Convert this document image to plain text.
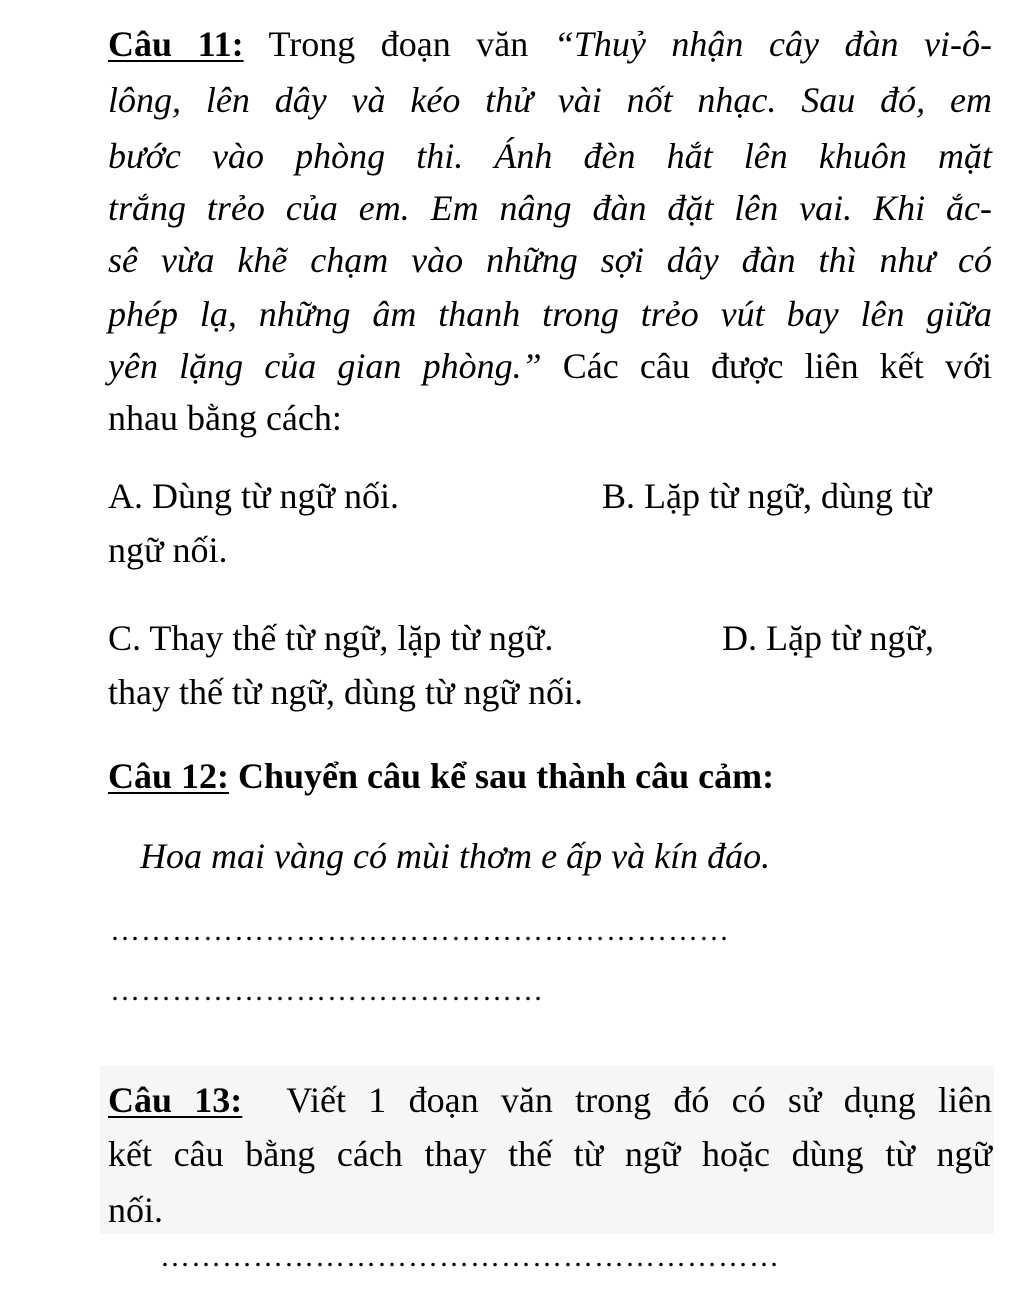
Câu 11: Trong đoạn văn “Thuỷ nhận cây đàn vi-ô-
lông, lên dây và kéo thử vài nốt nhạc. Sau đó, em
bước vào phòng thi. Ánh đèn hắt lên khuôn mặt
trắng trẻo của em. Em nâng đàn đặt lên vai. Khi ắc-
sê vừa khẽ chạm vào những sợi dây đàn thì như có
phép lạ, những âm thanh trong trẻo vút bay lên giữa
yên lặng của gian phòng.” Các câu được liên kết với
nhau bằng cách:
A. Dùng từ ngữ nối.	B. Lặp từ ngữ, dùng từ
ngữ nối.
C. Thay thế từ ngữ, lặp từ ngữ.	D. Lặp từ ngữ,
thay thế từ ngữ, dùng từ ngữ nối.
Câu 12: Chuyển câu kể sau thành câu cảm:
Hoa mai vàng có mùi thơm e ấp và kín đáo.
……………………………………………………
……………………………………
Câu 13:  Viết 1 đoạn văn trong đó có sử dụng liên
kết câu bằng cách thay thế từ ngữ hoặc dùng từ ngữ
nối.
……………………………………………………
